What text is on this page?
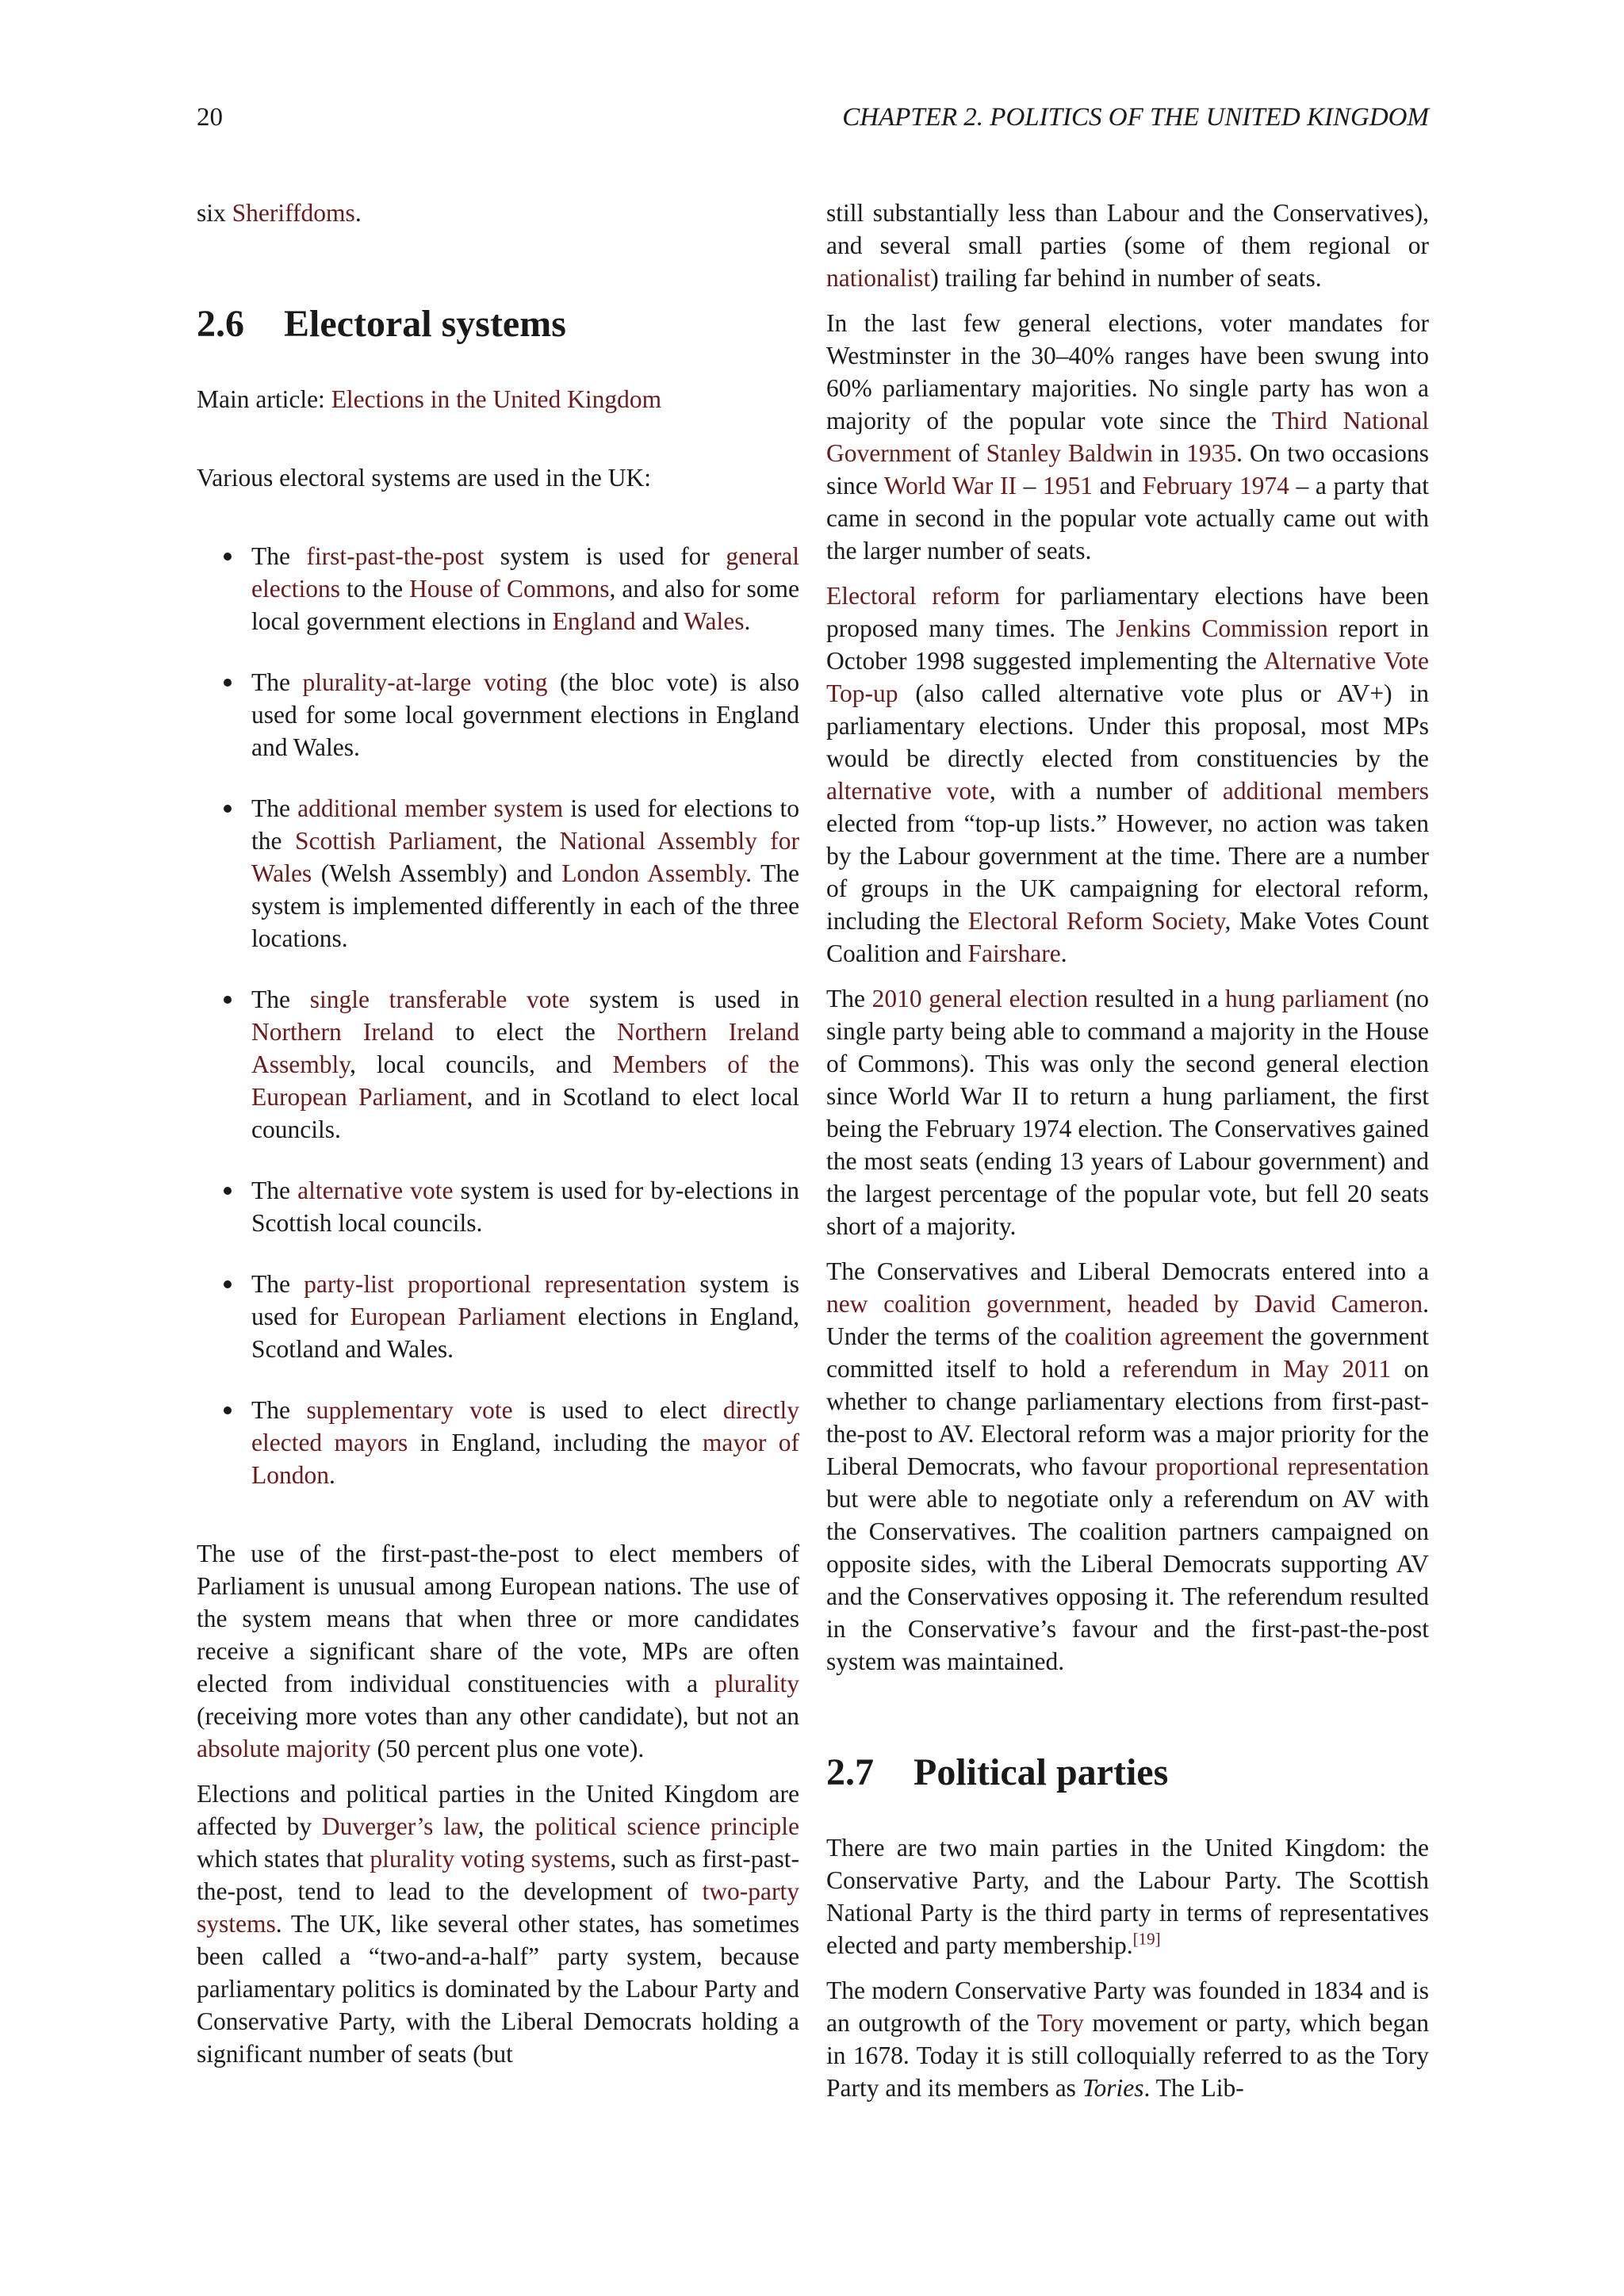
20	CHAPTER 2. POLITICS OF THE UNITED KINGDOM

six Sheriffdoms.

2.6 Electoral systems

Main article: Elections in the United Kingdom

Various electoral systems are used in the UK:

The first-past-the-post system is used for general elections to the House of Commons, and also for some local government elections in England and Wales.
The plurality-at-large voting (the bloc vote) is also used for some local government elections in England and Wales.
The additional member system is used for elections to the Scottish Parliament, the National Assembly for Wales (Welsh Assembly) and London Assembly. The system is implemented differently in each of the three locations.
The single transferable vote system is used in Northern Ireland to elect the Northern Ireland Assembly, local councils, and Members of the European Parliament, and in Scotland to elect local councils.
The alternative vote system is used for by-elections in Scottish local councils.
The party-list proportional representation system is used for European Parliament elections in England, Scotland and Wales.
The supplementary vote is used to elect directly elected mayors in England, including the mayor of London.

The use of the first-past-the-post to elect members of Parliament is unusual among European nations. The use of the system means that when three or more candidates receive a significant share of the vote, MPs are often elected from individual constituencies with a plurality (receiving more votes than any other candidate), but not an absolute majority (50 percent plus one vote).

Elections and political parties in the United Kingdom are affected by Duverger’s law, the political science principle which states that plurality voting systems, such as first-past-the-post, tend to lead to the development of two-party systems. The UK, like several other states, has sometimes been called a “two-and-a-half” party system, because parliamentary politics is dominated by the Labour Party and Conservative Party, with the Liberal Democrats holding a significant number of seats (but

still substantially less than Labour and the Conservatives), and several small parties (some of them regional or nationalist) trailing far behind in number of seats.

In the last few general elections, voter mandates for Westminster in the 30–40% ranges have been swung into 60% parliamentary majorities. No single party has won a majority of the popular vote since the Third National Government of Stanley Baldwin in 1935. On two occasions since World War II – 1951 and February 1974 – a party that came in second in the popular vote actually came out with the larger number of seats.

Electoral reform for parliamentary elections have been proposed many times. The Jenkins Commission report in October 1998 suggested implementing the Alternative Vote Top-up (also called alternative vote plus or AV+) in parliamentary elections. Under this proposal, most MPs would be directly elected from constituencies by the alternative vote, with a number of additional members elected from “top-up lists.” However, no action was taken by the Labour government at the time. There are a number of groups in the UK campaigning for electoral reform, including the Electoral Reform Society, Make Votes Count Coalition and Fairshare.

The 2010 general election resulted in a hung parliament (no single party being able to command a majority in the House of Commons). This was only the second general election since World War II to return a hung parliament, the first being the February 1974 election. The Conservatives gained the most seats (ending 13 years of Labour government) and the largest percentage of the popular vote, but fell 20 seats short of a majority.

The Conservatives and Liberal Democrats entered into a new coalition government, headed by David Cameron. Under the terms of the coalition agreement the government committed itself to hold a referendum in May 2011 on whether to change parliamentary elections from first-past-the-post to AV. Electoral reform was a major priority for the Liberal Democrats, who favour proportional representation but were able to negotiate only a referendum on AV with the Conservatives. The coalition partners campaigned on opposite sides, with the Liberal Democrats supporting AV and the Conservatives opposing it. The referendum resulted in the Conservative’s favour and the first-past-the-post system was maintained.

2.7 Political parties

There are two main parties in the United Kingdom: the Conservative Party, and the Labour Party. The Scottish National Party is the third party in terms of representatives elected and party membership.[19]

The modern Conservative Party was founded in 1834 and is an outgrowth of the Tory movement or party, which began in 1678. Today it is still colloquially referred to as the Tory Party and its members as Tories. The Lib-
